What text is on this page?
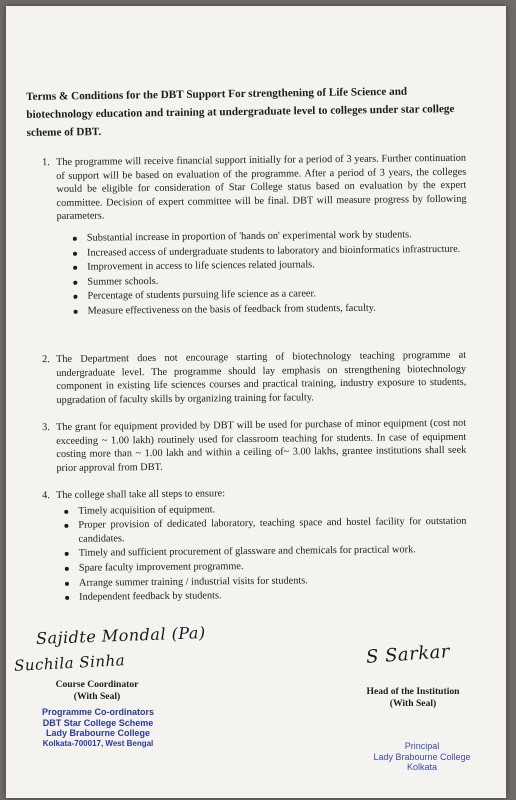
Terms & Conditions for the DBT Support For strengthening of Life Science and biotechnology education and training at undergraduate level to colleges under star college scheme of DBT.
1. The programme will receive financial support initially for a period of 3 years. Further continuation of support will be based on evaluation of the programme. After a period of 3 years, the colleges would be eligible for consideration of Star College status based on evaluation by the expert committee. Decision of expert committee will be final. DBT will measure progress by following parameters.

Substantial increase in proportion of 'hands on' experimental work by students.
Increased access of undergraduate students to laboratory and bioinformatics infrastructure.
Improvement in access to life sciences related journals.
Summer schools.
Percentage of students pursuing life science as a career.
Measure effectiveness on the basis of feedback from students, faculty.
2. The Department does not encourage starting of biotechnology teaching programme at undergraduate level. The programme should lay emphasis on strengthening biotechnology component in existing life sciences courses and practical training, industry exposure to students, upgradation of faculty skills by organizing training for faculty.

3. The grant for equipment provided by DBT will be used for purchase of minor equipment (cost not exceeding ~ 1.00 lakh) routinely used for classroom teaching for students. In case of equipment costing more than ~ 1.00 lakh and within a ceiling of~ 3.00 lakhs, grantee institutions shall seek prior approval from DBT.

4. The college shall take all steps to ensure:

Timely acquisition of equipment.
Proper provision of dedicated laboratory, teaching space and hostel facility for outstation candidates.
Timely and sufficient procurement of glassware and chemicals for practical work.
Spare faculty improvement programme.
Arrange summer training / industrial visits for students.
Independent feedback by students.
Sajidte Mondal (Pa)
Suchila Sinha
Course Coordinator
(With Seal)
Programme Co-ordinators
DBT Star College Scheme
Lady Brabourne College
Kolkata-700017, West Bengal
S Sarkar
Head of the Institution
(With Seal)
Principal
Lady Brabourne College
Kolkata
